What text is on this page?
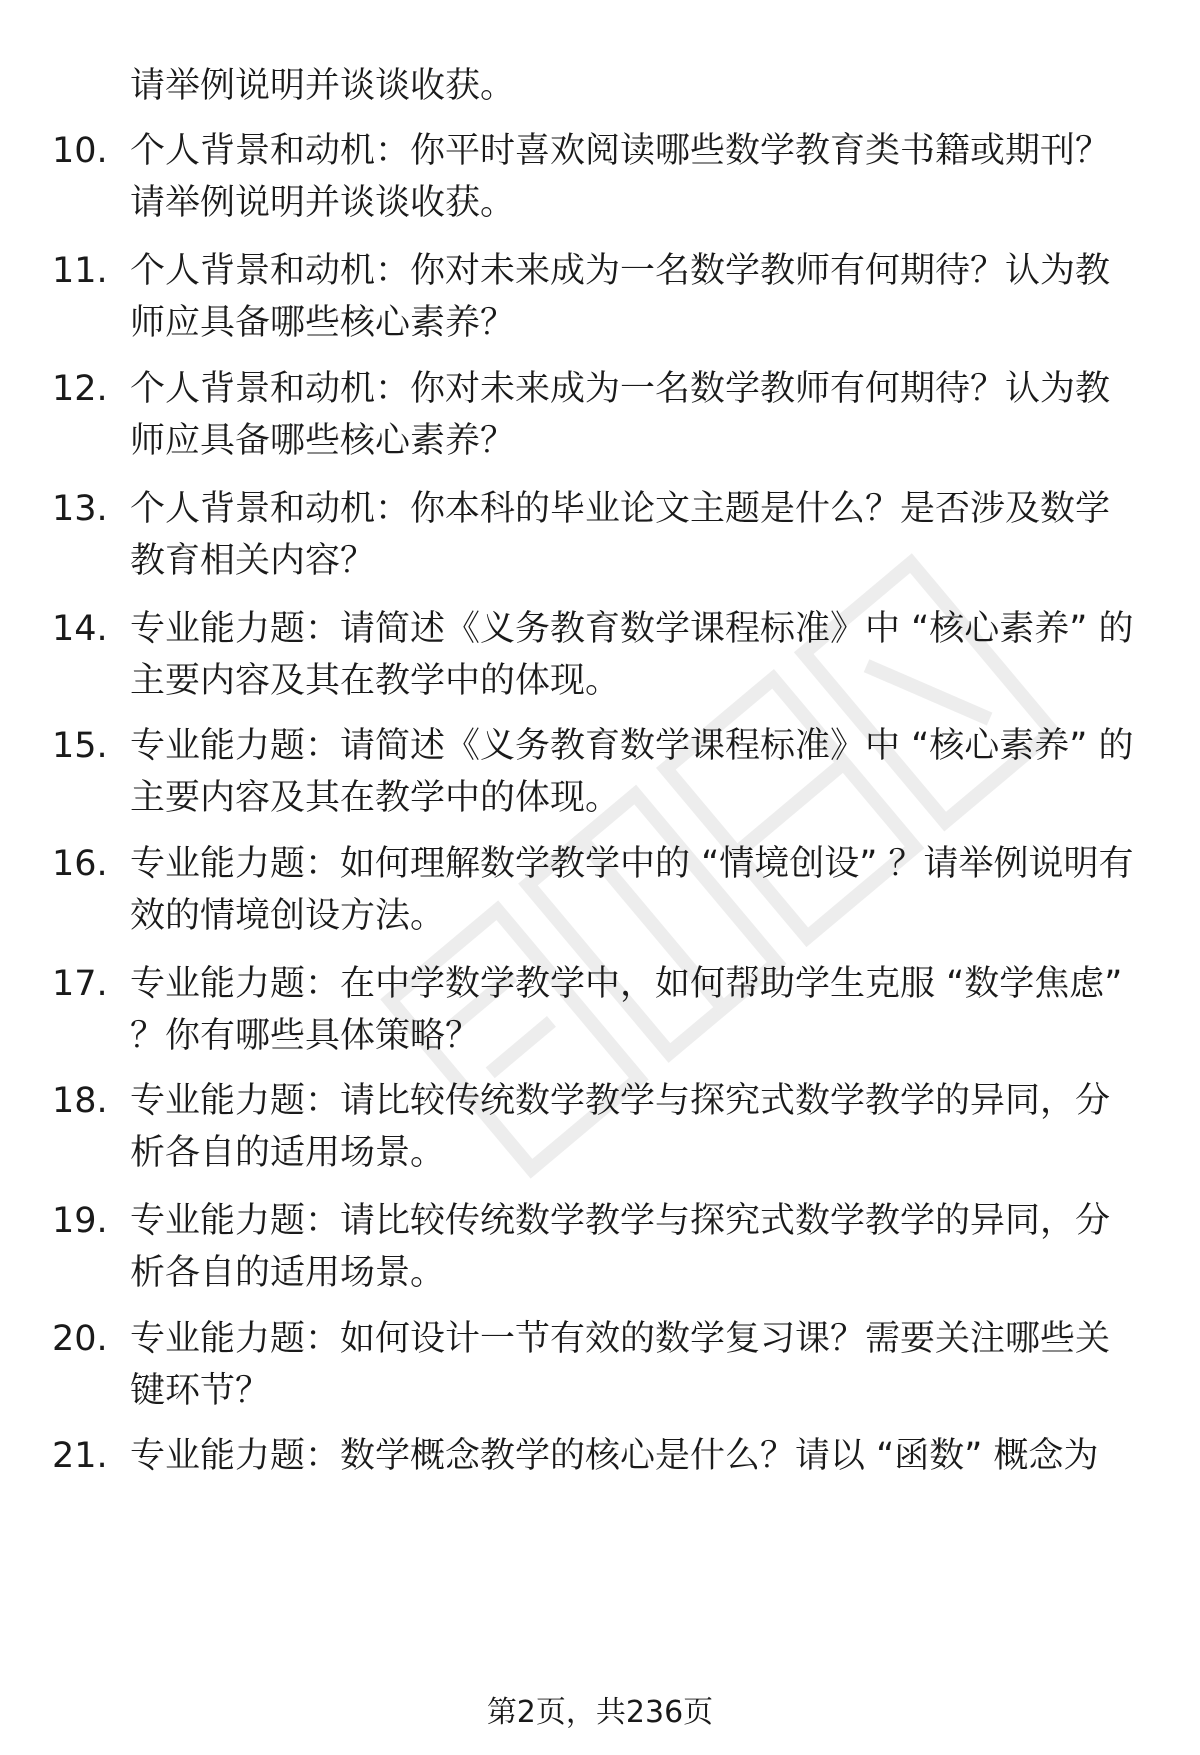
请举例说明并谈谈收获。
10. 个人背景和动机：你平时喜欢阅读哪些数学教育类书籍或期刊？请举例说明并谈谈收获。
11. 个人背景和动机：你对未来成为一名数学教师有何期待？认为教师应具备哪些核心素养？
12. 个人背景和动机：你对未来成为一名数学教师有何期待？认为教师应具备哪些核心素养？
13. 个人背景和动机：你本科的毕业论文主题是什么？是否涉及数学教育相关内容？
14. 专业能力题：请简述《义务教育数学课程标准》中 “核心素养” 的主要内容及其在教学中的体现。
15. 专业能力题：请简述《义务教育数学课程标准》中 “核心素养” 的主要内容及其在教学中的体现。
16. 专业能力题：如何理解数学教学中的 “情境创设” ？请举例说明有效的情境创设方法。
17. 专业能力题：在中学数学教学中，如何帮助学生克服 “数学焦虑” ？你有哪些具体策略？
18. 专业能力题：请比较传统数学教学与探究式数学教学的异同，分析各自的适用场景。
19. 专业能力题：请比较传统数学教学与探究式数学教学的异同，分析各自的适用场景。
20. 专业能力题：如何设计一节有效的数学复习课？需要关注哪些关键环节？
21. 专业能力题：数学概念教学的核心是什么？请以 “函数” 概念为
第2页，共236页
